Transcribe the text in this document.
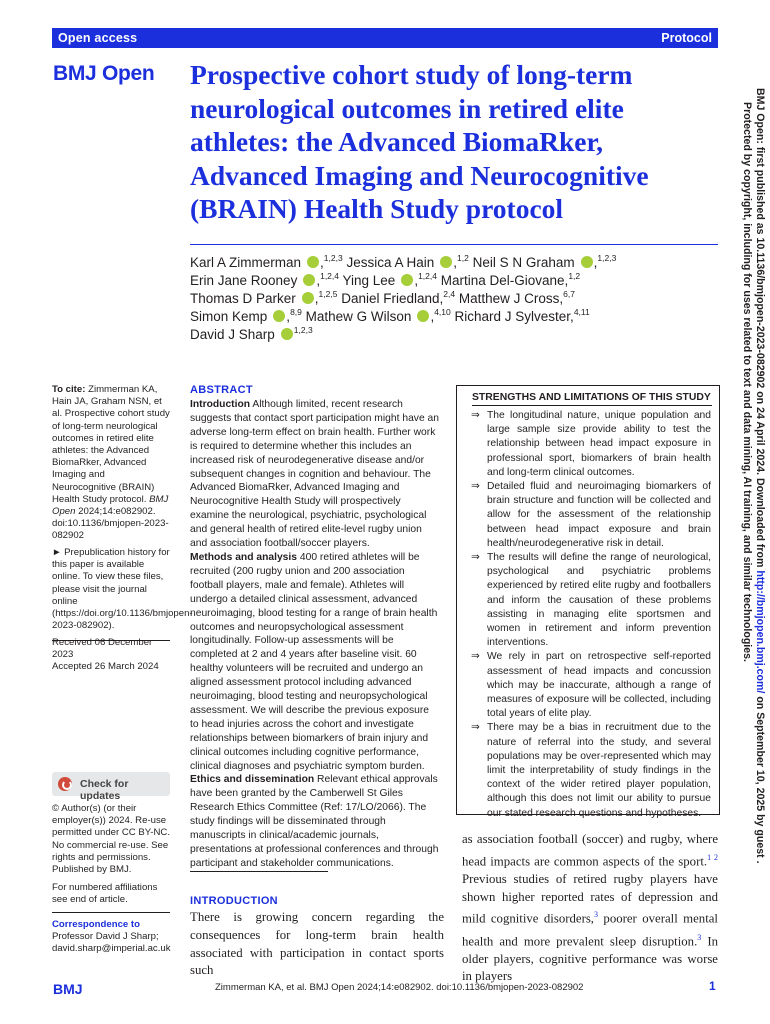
Open access	Protocol
BMJ Open Prospective cohort study of long-term neurological outcomes in retired elite athletes: the Advanced BiomaRker, Advanced Imaging and Neurocognitive (BRAIN) Health Study protocol
Karl A Zimmerman ,$^{1,2,3}$ Jessica A Hain ,$^{1,2}$ Neil S N Graham ,$^{1,2,3}$
Erin Jane Rooney ,$^{1,2,4}$ Ying Lee ,$^{1,2,4}$ Martina Del-Giovane,$^{1,2}$
Thomas D Parker ,$^{1,2,5}$ Daniel Friedland,$^{2,4}$ Matthew J Cross,$^{6,7}$
Simon Kemp ,$^{8,9}$ Mathew G Wilson ,$^{4,10}$ Richard J Sylvester,$^{4,11}$
David J Sharp $^{1,2,3}$
To cite: Zimmerman KA, Hain JA, Graham NSN, et al. Prospective cohort study of long-term neurological outcomes in retired elite athletes: the Advanced BiomaRker, Advanced Imaging and Neurocognitive (BRAIN) Health Study protocol. BMJ Open 2024;14:e082902. doi:10.1136/bmjopen-2023-082902
► Prepublication history for this paper is available online. To view these files, please visit the journal online (https://doi.org/10.1136/bmjopen-2023-082902).
Received 06 December 2023
Accepted 26 March 2024
Check for updates
© Author(s) (or their employer(s)) 2024. Re-use permitted under CC BY-NC. No commercial re-use. See rights and permissions. Published by BMJ.
For numbered affiliations see end of article.
Correspondence to
Professor David J Sharp;
david.sharp@imperial.ac.uk
ABSTRACT
Introduction Although limited, recent research suggests that contact sport participation might have an adverse long-term effect on brain health. Further work is required to determine whether this includes an increased risk of neurodegenerative disease and/or subsequent changes in cognition and behaviour. The Advanced BiomaRker, Advanced Imaging and Neurocognitive Health Study will prospectively examine the neurological, psychiatric, psychological and general health of retired elite-level rugby union and association football/soccer players.
Methods and analysis 400 retired athletes will be recruited (200 rugby union and 200 association football players, male and female). Athletes will undergo a detailed clinical assessment, advanced neuroimaging, blood testing for a range of brain health outcomes and neuropsychological assessment longitudinally. Follow-up assessments will be completed at 2 and 4 years after baseline visit. 60 healthy volunteers will be recruited and undergo an aligned assessment protocol including advanced neuroimaging, blood testing and neuropsychological assessment. We will describe the previous exposure to head injuries across the cohort and investigate relationships between biomarkers of brain injury and clinical outcomes including cognitive performance, clinical diagnoses and psychiatric symptom burden.
Ethics and dissemination Relevant ethical approvals have been granted by the Camberwell St Giles Research Ethics Committee (Ref: 17/LO/2066). The study findings will be disseminated through manuscripts in clinical/academic journals, presentations at professional conferences and through participant and stakeholder communications.
INTRODUCTION
There is growing concern regarding the consequences for long-term brain health associated with participation in contact sports such
STRENGTHS AND LIMITATIONS OF THIS STUDY
⇒ The longitudinal nature, unique population and large sample size provide ability to test the relationship between head impact exposure in professional sport, biomarkers of brain health and long-term clinical outcomes.
⇒ Detailed fluid and neuroimaging biomarkers of brain structure and function will be collected and allow for the assessment of the relationship between head impact exposure and brain health/neurodegenerative risk in detail.
⇒ The results will define the range of neurological, psychological and psychiatric problems experienced by retired elite rugby and footballers and inform the causation of these problems assisting in managing elite sportsmen and women in retirement and inform prevention interventions.
⇒ We rely in part on retrospective self-reported assessment of head impacts and concussion which may be inaccurate, although a range of measures of exposure will be collected, including total years of elite play.
⇒ There may be a bias in recruitment due to the nature of referral into the study, and several populations may be over-represented which may limit the interpretability of study findings in the context of the wider retired player population, although this does not limit our ability to pursue our stated research questions and hypotheses.
as association football (soccer) and rugby, where head impacts are common aspects of the sport.$^{1 2}$ Previous studies of retired rugby players have shown higher reported rates of depression and mild cognitive disorders,$^3$ poorer overall mental health and more prevalent sleep disruption.$^3$ In older players, cognitive performance was worse in players
BMJ Open: first published as 10.1136/bmjopen-2023-082902 on 24 April 2024. Downloaded from http://bmjopen.bmj.com/ on September 10, 2025 by guest .
Protected by copyright, including for uses related to text and data mining, AI training, and similar technologies.
BMJ	Zimmerman KA, et al. BMJ Open 2024;14:e082902. doi:10.1136/bmjopen-2023-082902	1
